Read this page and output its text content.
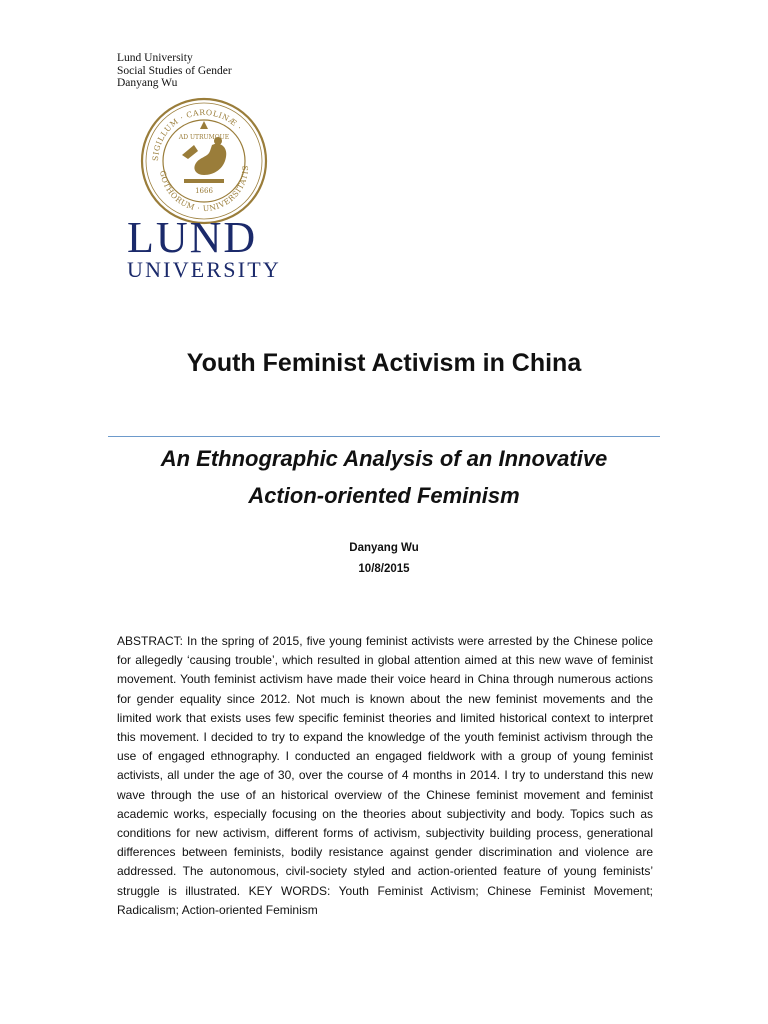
Lund University
Social Studies of Gender
Danyang Wu
SIGILLUM · CAROLINÆ ·
GOTHORUM · UNIVERSITATIS
AD UTRUMQUE
1666
LUND
UNIVERSITY
Youth Feminist Activism in China
An Ethnographic Analysis of an Innovative
Action-oriented Feminism
Danyang Wu
10/8/2015

ABSTRACT: In the spring of 2015, five young feminist activists were arrested by the Chinese police for allegedly ‘causing trouble’, which resulted in global attention aimed at this new wave of feminist movement. Youth feminist activism have made their voice heard in China through numerous actions for gender equality since 2012. Not much is known about the new feminist movements and the limited work that exists uses few specific feminist theories and limited historical context to interpret this movement. I decided to try to expand the knowledge of the youth feminist activism through the use of engaged ethnography. I conducted an engaged fieldwork with a group of young feminist activists, all under the age of 30, over the course of 4 months in 2014. I try to understand this new wave through the use of an historical overview of the Chinese feminist movement and feminist academic works, especially focusing on the theories about subjectivity and body. Topics such as conditions for new activism, different forms of activism, subjectivity building process, generational differences between feminists, bodily resistance against gender discrimination and violence are addressed. The autonomous, civil-society styled and action-oriented feature of young feminists’ struggle is illustrated. KEY WORDS: Youth Feminist Activism; Chinese Feminist Movement; Radicalism; Action-oriented Feminism
